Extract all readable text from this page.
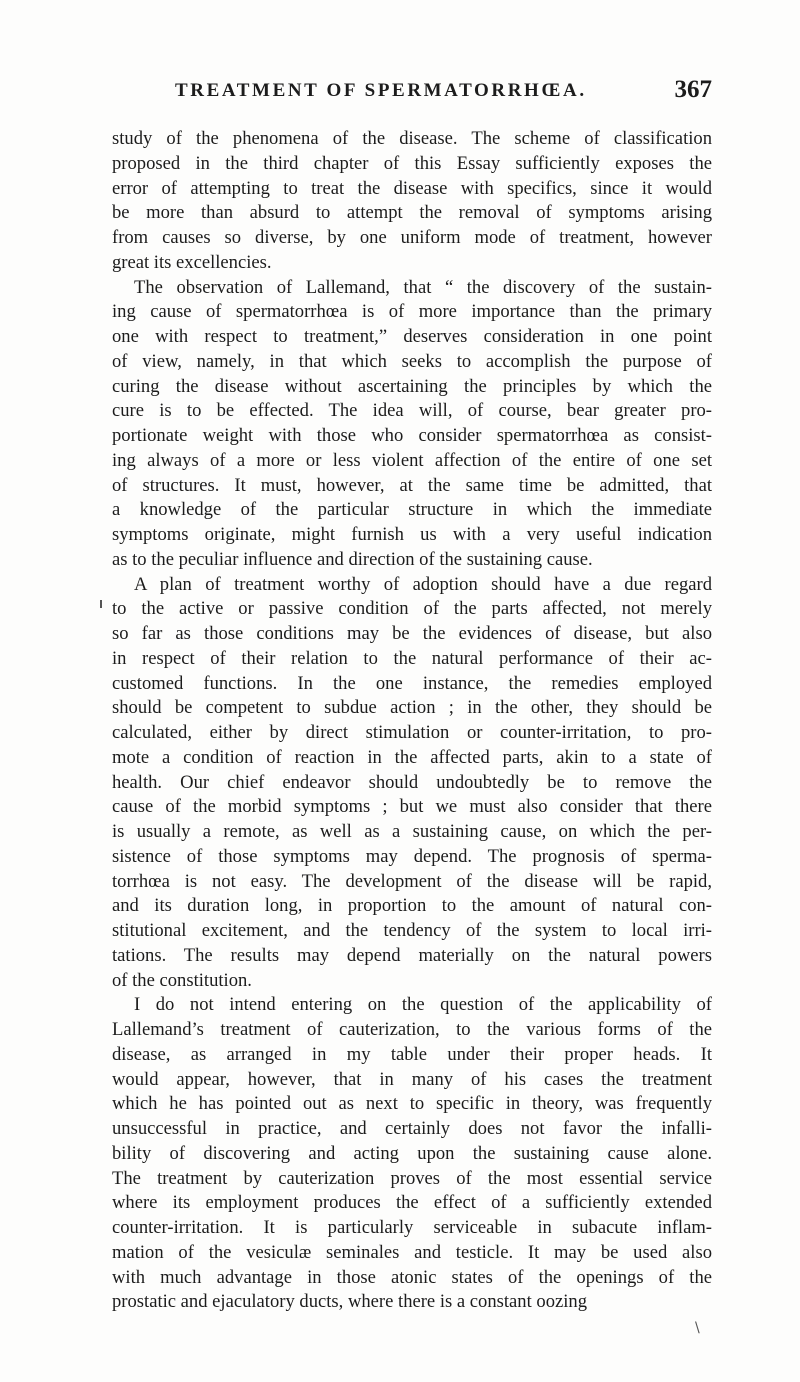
TREATMENT OF SPERMATORRHŒA.	367
study of the phenomena of the disease. The scheme of classification
proposed in the third chapter of this Essay sufficiently exposes the
error of attempting to treat the disease with specifics, since it would
be more than absurd to attempt the removal of symptoms arising
from causes so diverse, by one uniform mode of treatment, however
great its excellencies.
The observation of Lallemand, that “ the discovery of the sustain-
ing cause of spermatorrhœa is of more importance than the primary
one with respect to treatment,” deserves consideration in one point
of view, namely, in that which seeks to accomplish the purpose of
curing the disease without ascertaining the principles by which the
cure is to be effected. The idea will, of course, bear greater pro-
portionate weight with those who consider spermatorrhœa as consist-
ing always of a more or less violent affection of the entire of one set
of structures. It must, however, at the same time be admitted, that
a knowledge of the particular structure in which the immediate
symptoms originate, might furnish us with a very useful indication
as to the peculiar influence and direction of the sustaining cause.
A plan of treatment worthy of adoption should have a due regard
to the active or passive condition of the parts affected, not merely
so far as those conditions may be the evidences of disease, but also
in respect of their relation to the natural performance of their ac-
customed functions. In the one instance, the remedies employed
should be competent to subdue action ; in the other, they should be
calculated, either by direct stimulation or counter-irritation, to pro-
mote a condition of reaction in the affected parts, akin to a state of
health. Our chief endeavor should undoubtedly be to remove the
cause of the morbid symptoms ; but we must also consider that there
is usually a remote, as well as a sustaining cause, on which the per-
sistence of those symptoms may depend. The prognosis of sperma-
torrhœa is not easy. The development of the disease will be rapid,
and its duration long, in proportion to the amount of natural con-
stitutional excitement, and the tendency of the system to local irri-
tations. The results may depend materially on the natural powers
of the constitution.
I do not intend entering on the question of the applicability of
Lallemand’s treatment of cauterization, to the various forms of the
disease, as arranged in my table under their proper heads. It
would appear, however, that in many of his cases the treatment
which he has pointed out as next to specific in theory, was frequently
unsuccessful in practice, and certainly does not favor the infalli-
bility of discovering and acting upon the sustaining cause alone.
The treatment by cauterization proves of the most essential service
where its employment produces the effect of a sufficiently extended
counter-irritation. It is particularly serviceable in subacute inflam-
mation of the vesiculæ seminales and testicle. It may be used also
with much advantage in those atonic states of the openings of the
prostatic and ejaculatory ducts, where there is a constant oozing
\
